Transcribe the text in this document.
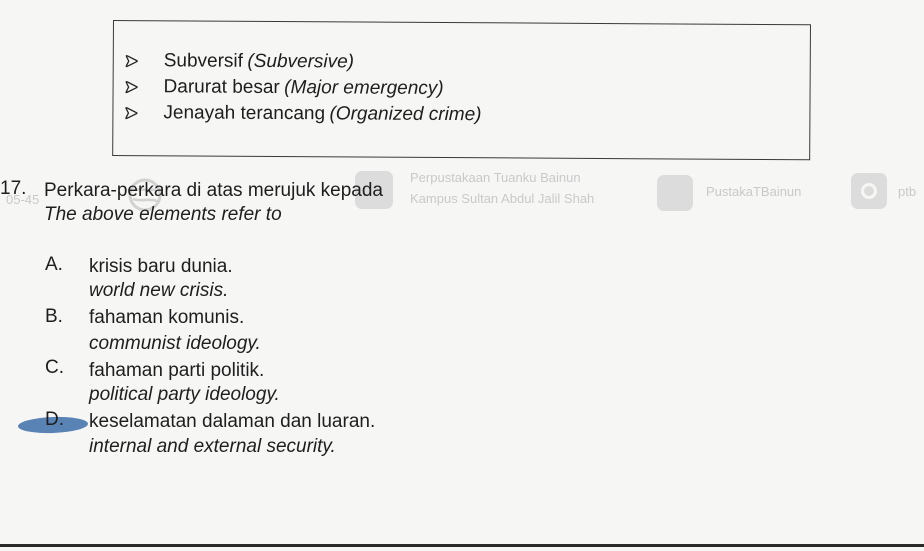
Subversif
(Subversive)
Darurat besar
(Major emergency)
Jenayah terancang
(Organized crime)
05-45
Perpustakaan Tuanku Bainun
Kampus Sultan Abdul Jalil Shah	PustakaTBainun	ptb
17. Perkara-perkara di atas merujuk kepada
The above elements refer to
A. krisis baru dunia.
world new crisis.
B. fahaman komunis.
communist ideology.
C. fahaman parti politik.
political party ideology.
D. keselamatan dalaman dan luaran.
internal and external security.
